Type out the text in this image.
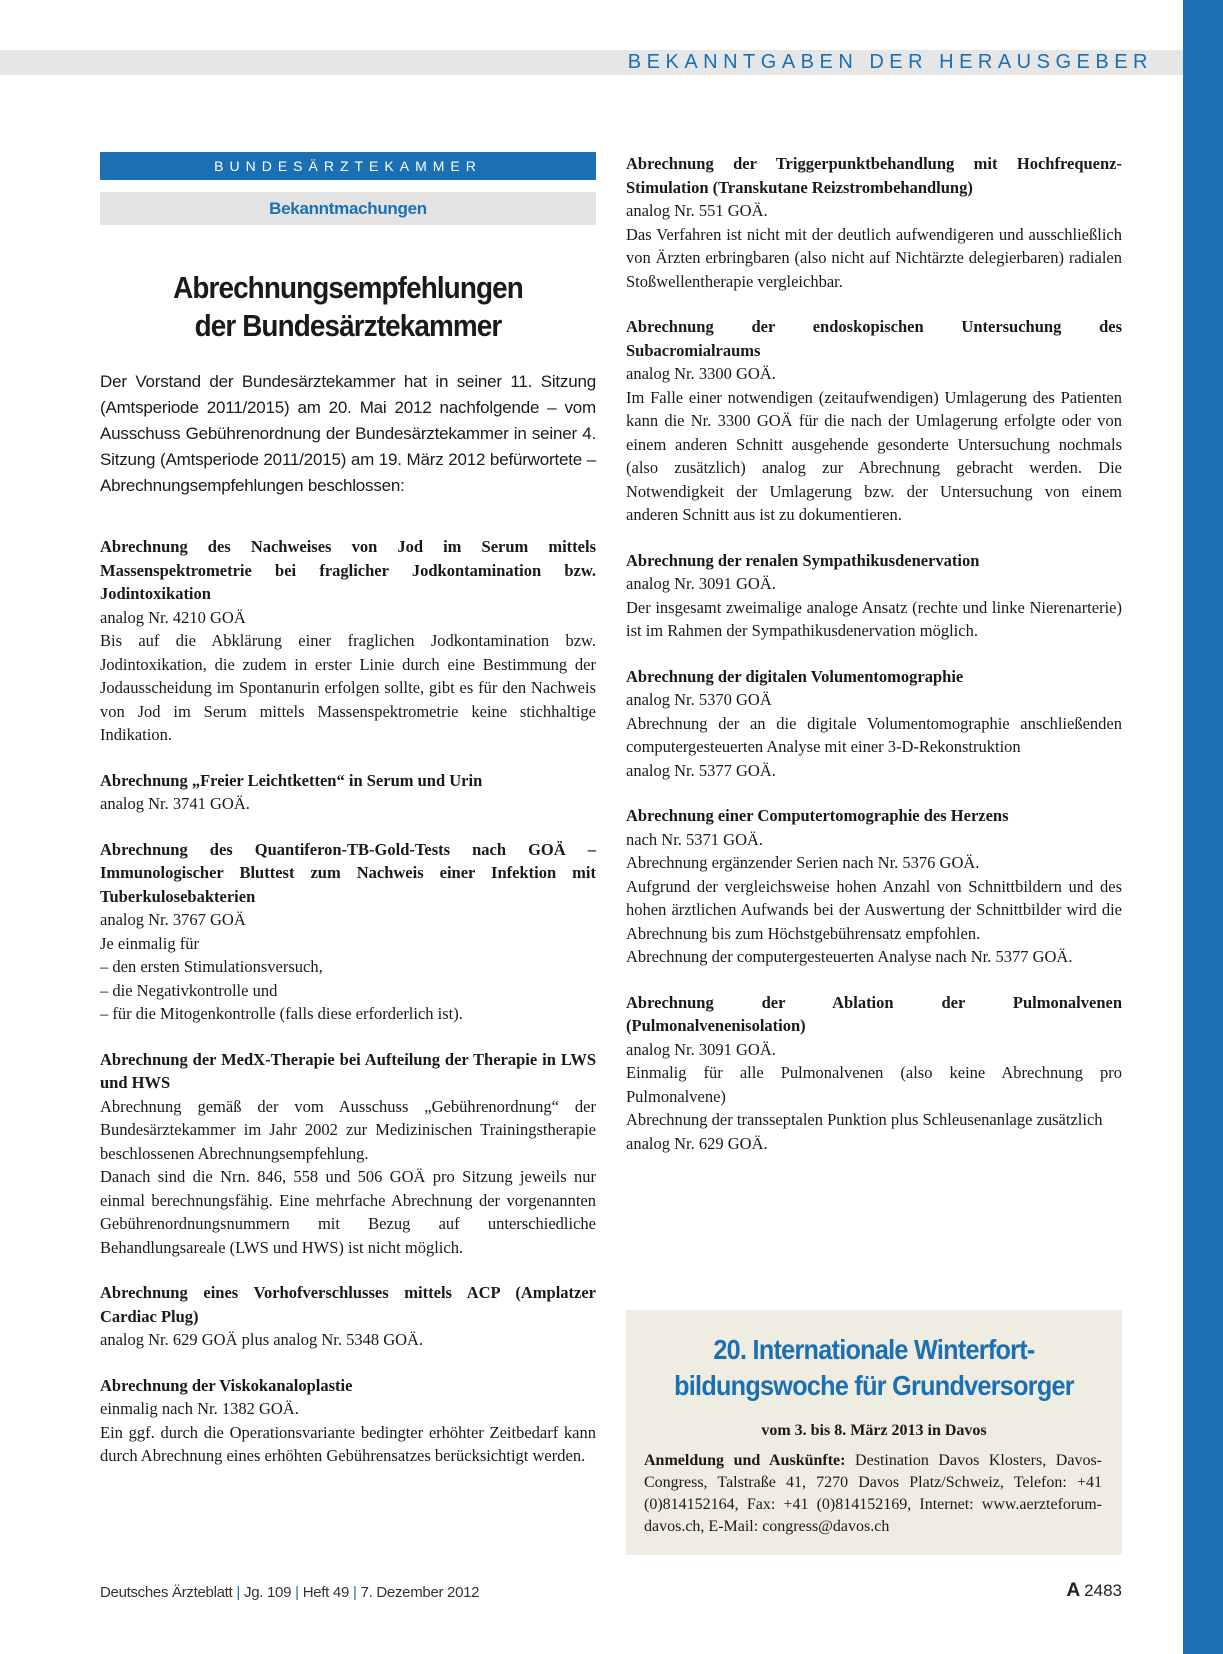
BEKANNTGABEN DER HERAUSGEBER
BUNDESÄRZTEKAMMER
Bekanntmachungen
Abrechnungsempfehlungen
der Bundesärztekammer

Der Vorstand der Bundesärztekammer hat in seiner 11. Sitzung (Amtsperiode 2011/2015) am 20. Mai 2012 nachfolgende – vom Ausschuss Gebührenordnung der Bundesärztekammer in seiner 4. Sitzung (Amtsperiode 2011/2015) am 19. März 2012 befürwortete – Abrechnungsempfehlungen beschlossen:

Abrechnung des Nachweises von Jod im Serum mittels Massenspektrometrie bei fraglicher Jodkontamination bzw. Jodintoxikation

analog Nr. 4210 GOÄ

Bis auf die Abklärung einer fraglichen Jodkontamination bzw. Jodintoxikation, die zudem in erster Linie durch eine Bestimmung der Jodausscheidung im Spontanurin erfolgen sollte, gibt es für den Nachweis von Jod im Serum mittels Massenspektrometrie keine stichhaltige Indikation.

Abrechnung „Freier Leichtketten“ in Serum und Urin

analog Nr. 3741 GOÄ.

Abrechnung des Quantiferon-TB-Gold-Tests nach GOÄ – Immunologischer Bluttest zum Nachweis einer Infektion mit Tuberkulosebakterien

analog Nr. 3767 GOÄ

Je einmalig für

– den ersten Stimulationsversuch,

– die Negativkontrolle und

– für die Mitogenkontrolle (falls diese erforderlich ist).

Abrechnung der MedX-Therapie bei Aufteilung der Therapie in LWS und HWS

Abrechnung gemäß der vom Ausschuss „Gebührenordnung“ der Bundesärztekammer im Jahr 2002 zur Medizinischen Trainingstherapie beschlossenen Abrechnungsempfehlung.

Danach sind die Nrn. 846, 558 und 506 GOÄ pro Sitzung jeweils nur einmal berechnungsfähig. Eine mehrfache Abrechnung der vorgenannten Gebührenordnungsnummern mit Bezug auf unterschiedliche Behandlungsareale (LWS und HWS) ist nicht möglich.

Abrechnung eines Vorhofverschlusses mittels ACP (Amplatzer Cardiac Plug)

analog Nr. 629 GOÄ plus analog Nr. 5348 GOÄ.

Abrechnung der Viskokanaloplastie

einmalig nach Nr. 1382 GOÄ.

Ein ggf. durch die Operationsvariante bedingter erhöhter Zeitbedarf kann durch Abrechnung eines erhöhten Gebührensatzes berücksichtigt werden.

Abrechnung der Triggerpunktbehandlung mit Hochfrequenz-Stimulation (Transkutane Reizstrombehandlung)

analog Nr. 551 GOÄ.

Das Verfahren ist nicht mit der deutlich aufwendigeren und ausschließlich von Ärzten erbringbaren (also nicht auf Nichtärzte delegierbaren) radialen Stoßwellentherapie vergleichbar.

Abrechnung der endoskopischen Untersuchung des Subacromialraums

analog Nr. 3300 GOÄ.

Im Falle einer notwendigen (zeitaufwendigen) Umlagerung des Patienten kann die Nr. 3300 GOÄ für die nach der Umlagerung erfolgte oder von einem anderen Schnitt ausgehende gesonderte Untersuchung nochmals (also zusätzlich) analog zur Abrechnung gebracht werden. Die Notwendigkeit der Umlagerung bzw. der Untersuchung von einem anderen Schnitt aus ist zu dokumentieren.

Abrechnung der renalen Sympathikusdenervation

analog Nr. 3091 GOÄ.

Der insgesamt zweimalige analoge Ansatz (rechte und linke Nierenarterie) ist im Rahmen der Sympathikusdenervation möglich.

Abrechnung der digitalen Volumentomographie

analog Nr. 5370 GOÄ

Abrechnung der an die digitale Volumentomographie anschließenden computergesteuerten Analyse mit einer 3-D-Rekonstruktion

analog Nr. 5377 GOÄ.

Abrechnung einer Computertomographie des Herzens

nach Nr. 5371 GOÄ.

Abrechnung ergänzender Serien nach Nr. 5376 GOÄ.

Aufgrund der vergleichsweise hohen Anzahl von Schnittbildern und des hohen ärztlichen Aufwands bei der Auswertung der Schnittbilder wird die Abrechnung bis zum Höchstgebührensatz empfohlen.

Abrechnung der computergesteuerten Analyse nach Nr. 5377 GOÄ.

Abrechnung der Ablation der Pulmonalvenen (Pulmonalvenenisolation)

analog Nr. 3091 GOÄ.

Einmalig für alle Pulmonalvenen (also keine Abrechnung pro Pulmonalvene)

Abrechnung der transseptalen Punktion plus Schleusenanlage zusätzlich

analog Nr. 629 GOÄ.

20. Internationale Winterfort-
bildungswoche für Grundversorger
vom 3. bis 8. März 2013 in Davos

Anmeldung und Auskünfte: Destination Davos Klosters, Davos-Congress, Talstraße 41, 7270 Davos Platz/Schweiz, Telefon: +41 (0)814152164, Fax: +41 (0)814152169, Internet: www.aerzteforum-davos.ch, E-Mail: congress@davos.ch

Deutsches Ärzteblatt | Jg. 109 | Heft 49 | 7. Dezember 2012	A 2483
